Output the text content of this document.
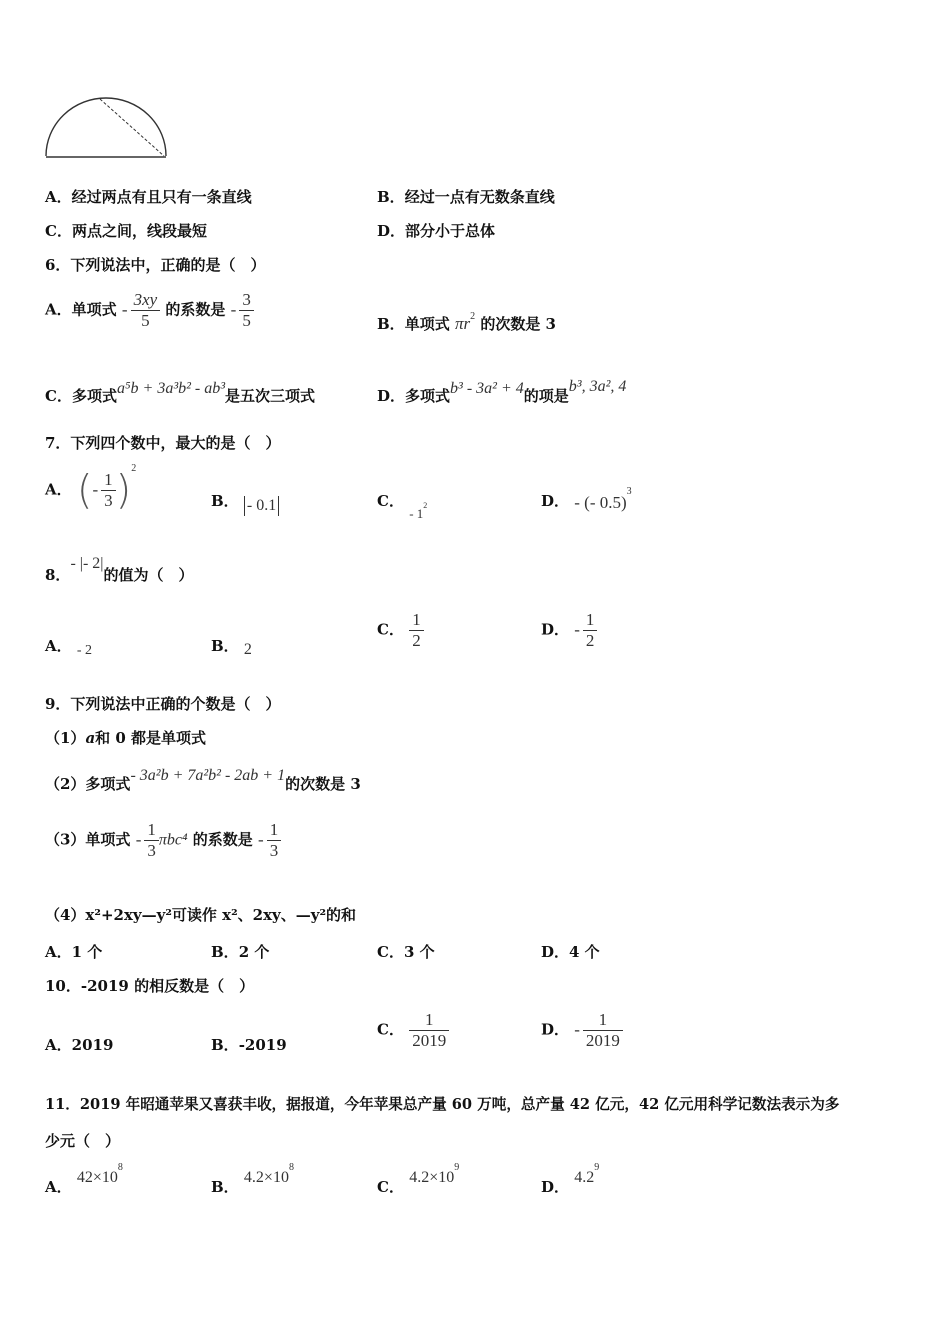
A．经过两点有且只有一条直线	B．经过一点有无数条直线
C．两点之间，线段最短	D．部分小于总体
6．下列说法中，正确的是（　）
A．单项式 - $\frac{3xy}{5}$ 的系数是 - $\frac{3}{5}$	B．单项式 $\pi r^2$ 的次数是 3
C．多项式a⁵b + 3a³b² - ab³是五次三项式	D．多项式b³ - 3a² + 4的项是b³, 3a², 4
7．下列四个数中，最大的是（　）
A． (- $\frac{1}{3} )^2$
B． - 0.1	C． - $1^2$	D． - (- 0.5)$^3$
8．- |- 2|的值为（　）
A． - 2	B． 2
C． $\frac{1}{2}$	D． - $\frac{1}{2}$
9．下列说法中正确的个数是（　）
（1）a和 0 都是单项式
（2）多项式- 3a²b + 7a²b² - 2ab + 1的次数是 3
（3）单项式 - $\frac{1}{3} \pi bc^4$ 的系数是 - $\frac{1}{3}$
（4）x²+2xy—y²可读作 x²、2xy、—y²的和
A．1 个	B．2 个	C．3 个	D．4 个
10．-2019 的相反数是（　）
A．2019	B．-2019
C． $\frac{1}{2019}$	D． - $\frac{1}{2019}$
11．2019 年昭通苹果又喜获丰收，据报道，今年苹果总产量 60 万吨，总产量 42 亿元，42 亿元用科学记数法表示为多
少元（　）
A． $42\times 10^8$
B． $4.2\times 10^8$
C． $4.2\times 10^9$
D． $4.2^9$
